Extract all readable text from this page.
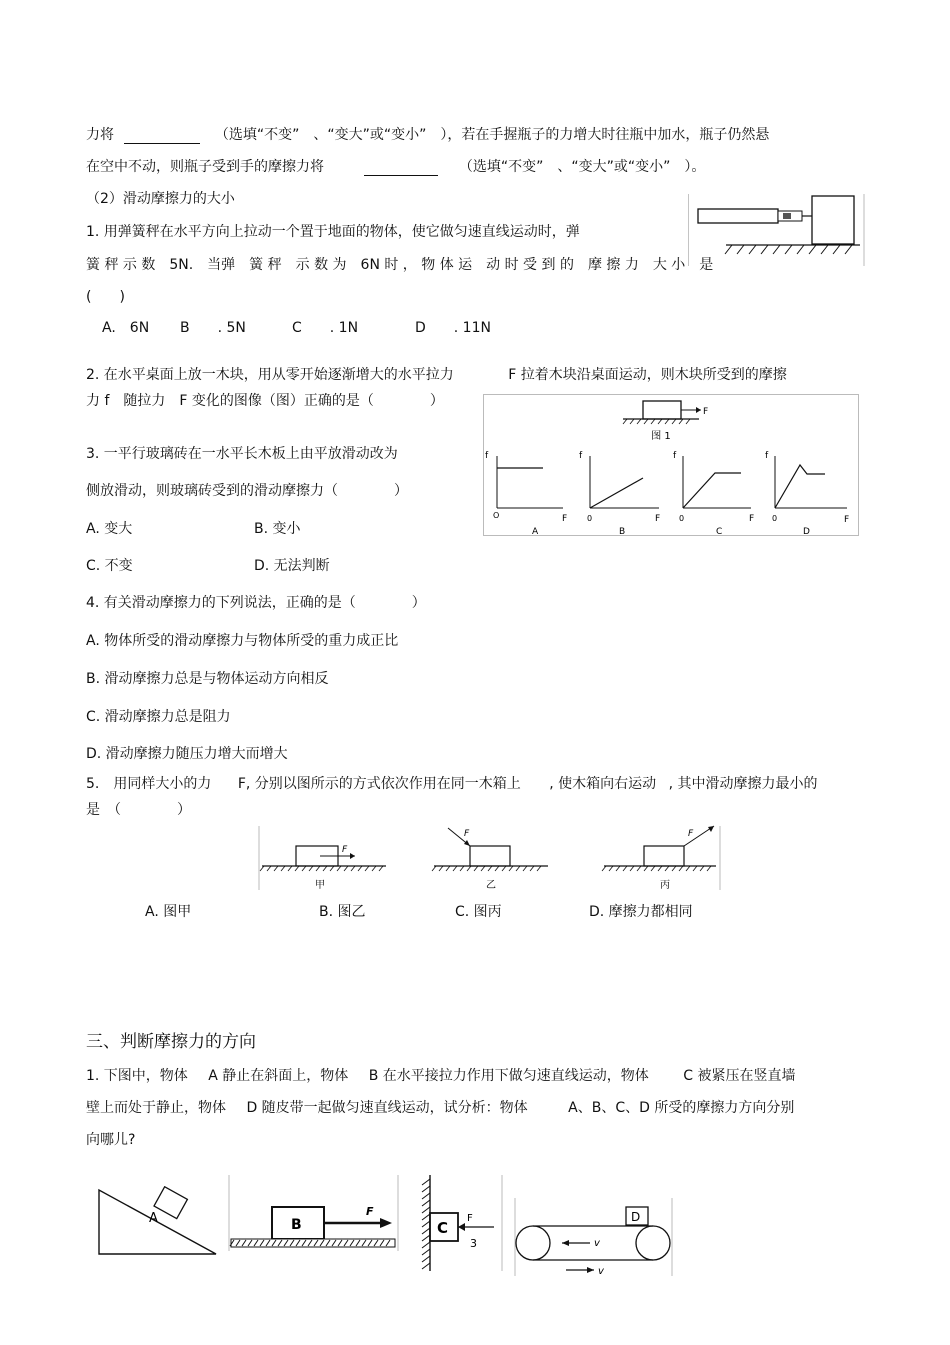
力将	（选填“不变”　、“变大”或“变小”　），若在手握瓶子的力增大时往瓶中加水，瓶子仍然悬
在空中不动，则瓶子受到手的摩擦力将	（选填“不变”　、“变大”或“变小”　）。
（2）滑动摩擦力的大小
1. 用弹簧秤在水平方向上拉动一个置于地面的物体，使它做匀速直线运动时，弹
簧 秤 示 数　5N.　当弹　簧 秤　示 数 为　6N 时 ， 物 体 运　动 时 受 到 的　摩 擦 力　大 小　是
(　　)
A.　6N B　　. 5N	C　　. 1N	D　　. 11N
2. 在水平桌面上放一木块，用从零开始逐渐增大的水平拉力	F 拉着木块沿桌面运动，则木块所受到的摩擦
力 f　随拉力　F 变化的图像（图）正确的是（　　　　）
F
图 1
f
O	F
A
f
0	F
B
f
0	F
C
f
0	F
D
3. 一平行玻璃砖在一水平长木板上由平放滑动改为
侧放滑动，则玻璃砖受到的滑动摩擦力（　　　　）
A. 变大	B. 变小
C. 不变	D. 无法判断
4. 有关滑动摩擦力的下列说法，正确的是（　　　　）
A. 物体所受的滑动摩擦力与物体所受的重力成正比
B. 滑动摩擦力总是与物体运动方向相反
C. 滑动摩擦力总是阻力
D. 滑动摩擦力随压力增大而增大
5.　用同样大小的力 F, 分别以图所示的方式依次作用在同一木箱上 , 使木箱向右运动 , 其中滑动摩擦力最小的
是　（　　　　）
F
甲
F
乙
F
丙
A. 图甲	B. 图乙	C. 图丙	D. 摩擦力都相同
三、判断摩擦力的方向
1. 下图中，物体 A 静止在斜面上，物体 B 在水平接拉力作用下做匀速直线运动，物体 C 被紧压在竖直墙
壁上而处于静止，物体 D 随皮带一起做匀速直线运动，试分析：物体	A、B、C、D 所受的摩擦力方向分别
向哪儿?
A	B
F
C
F
3
D
v
v
